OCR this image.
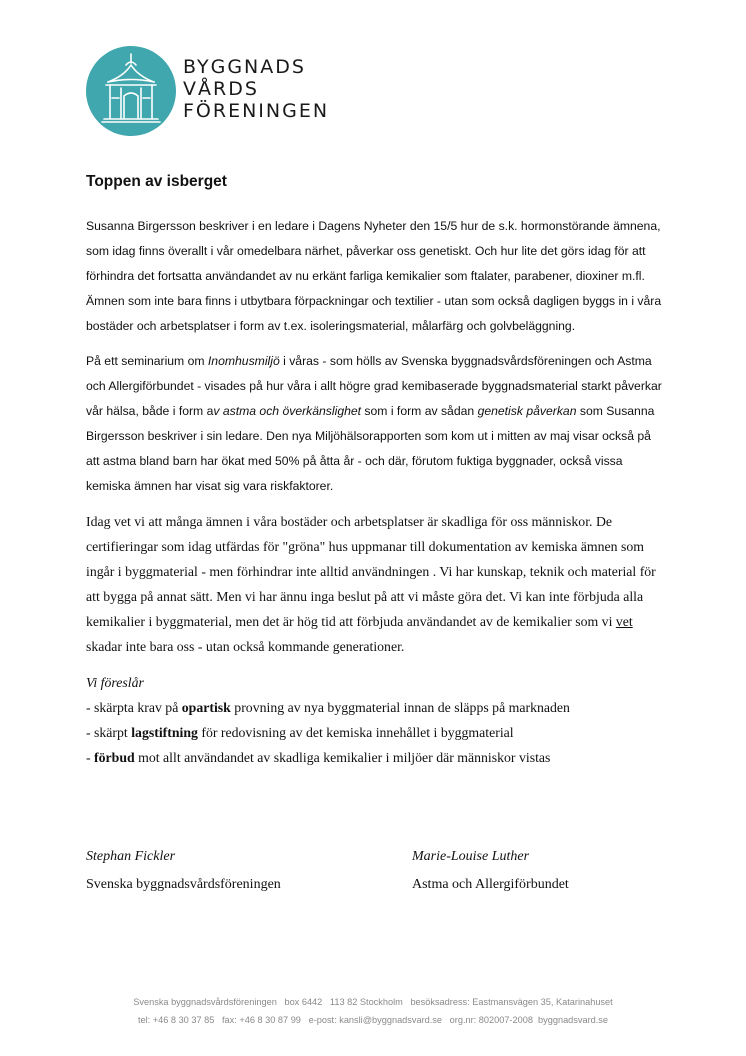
BYGGNADS
VÅRDS
FÖRENINGEN
Toppen av isberget

Susanna Birgersson beskriver i en ledare i Dagens Nyheter den 15/5 hur de s.k. hormonstörande ämnena, som idag finns överallt i vår omedelbara närhet, påverkar oss genetiskt. Och hur lite det görs idag för att förhindra det fortsatta användandet av nu erkänt farliga kemikalier som ftalater, parabener, dioxiner m.fl. Ämnen som inte bara finns i utbytbara förpackningar och textilier - utan som också dagligen byggs in i våra bostäder och arbetsplatser i form av t.ex. isoleringsmaterial, målarfärg och golvbeläggning.

På ett seminarium om Inomhusmiljö i våras - som hölls av Svenska byggnadsvårdsföreningen och Astma och Allergiförbundet - visades på hur våra i allt högre grad kemibaserade byggnadsmaterial starkt påverkar vår hälsa, både i form av astma och överkänslighet som i form av sådan genetisk påverkan som Susanna Birgersson beskriver i sin ledare. Den nya Miljöhälsorapporten som kom ut i mitten av maj visar också på att astma bland barn har ökat med 50% på åtta år - och där, förutom fuktiga byggnader, också vissa kemiska ämnen har visat sig vara riskfaktorer.

Idag vet vi att många ämnen i våra bostäder och arbetsplatser är skadliga för oss människor. De certifieringar som idag utfärdas för "gröna" hus uppmanar till dokumentation av kemiska ämnen som ingår i byggmaterial - men förhindrar inte alltid användningen . Vi har kunskap, teknik och material för att bygga på annat sätt. Men vi har ännu inga beslut på att vi måste göra det. Vi kan inte förbjuda alla kemikalier i byggmaterial, men det är hög tid att förbjuda användandet av de kemikalier som vi vet skadar inte bara oss - utan också kommande generationer.

Vi föreslår
- skärpta krav på opartisk provning av nya byggmaterial innan de släpps på marknaden
- skärpt lagstiftning för redovisning av det kemiska innehållet i byggmaterial
- förbud mot allt användandet av skadliga kemikalier i miljöer där människor vistas
Stephan Fickler
Svenska byggnadsvårdsföreningen
Marie-Louise Luther
Astma och Allergiförbundet
Svenska byggnadsvårdsföreningen   box 6442   113 82 Stockholm   besöksadress: Eastmansvägen 35, Katarinahuset
tel: +46 8 30 37 85   fax: +46 8 30 87 99   e-post: kansli@byggnadsvard.se   org.nr: 802007-2008  byggnadsvard.se
